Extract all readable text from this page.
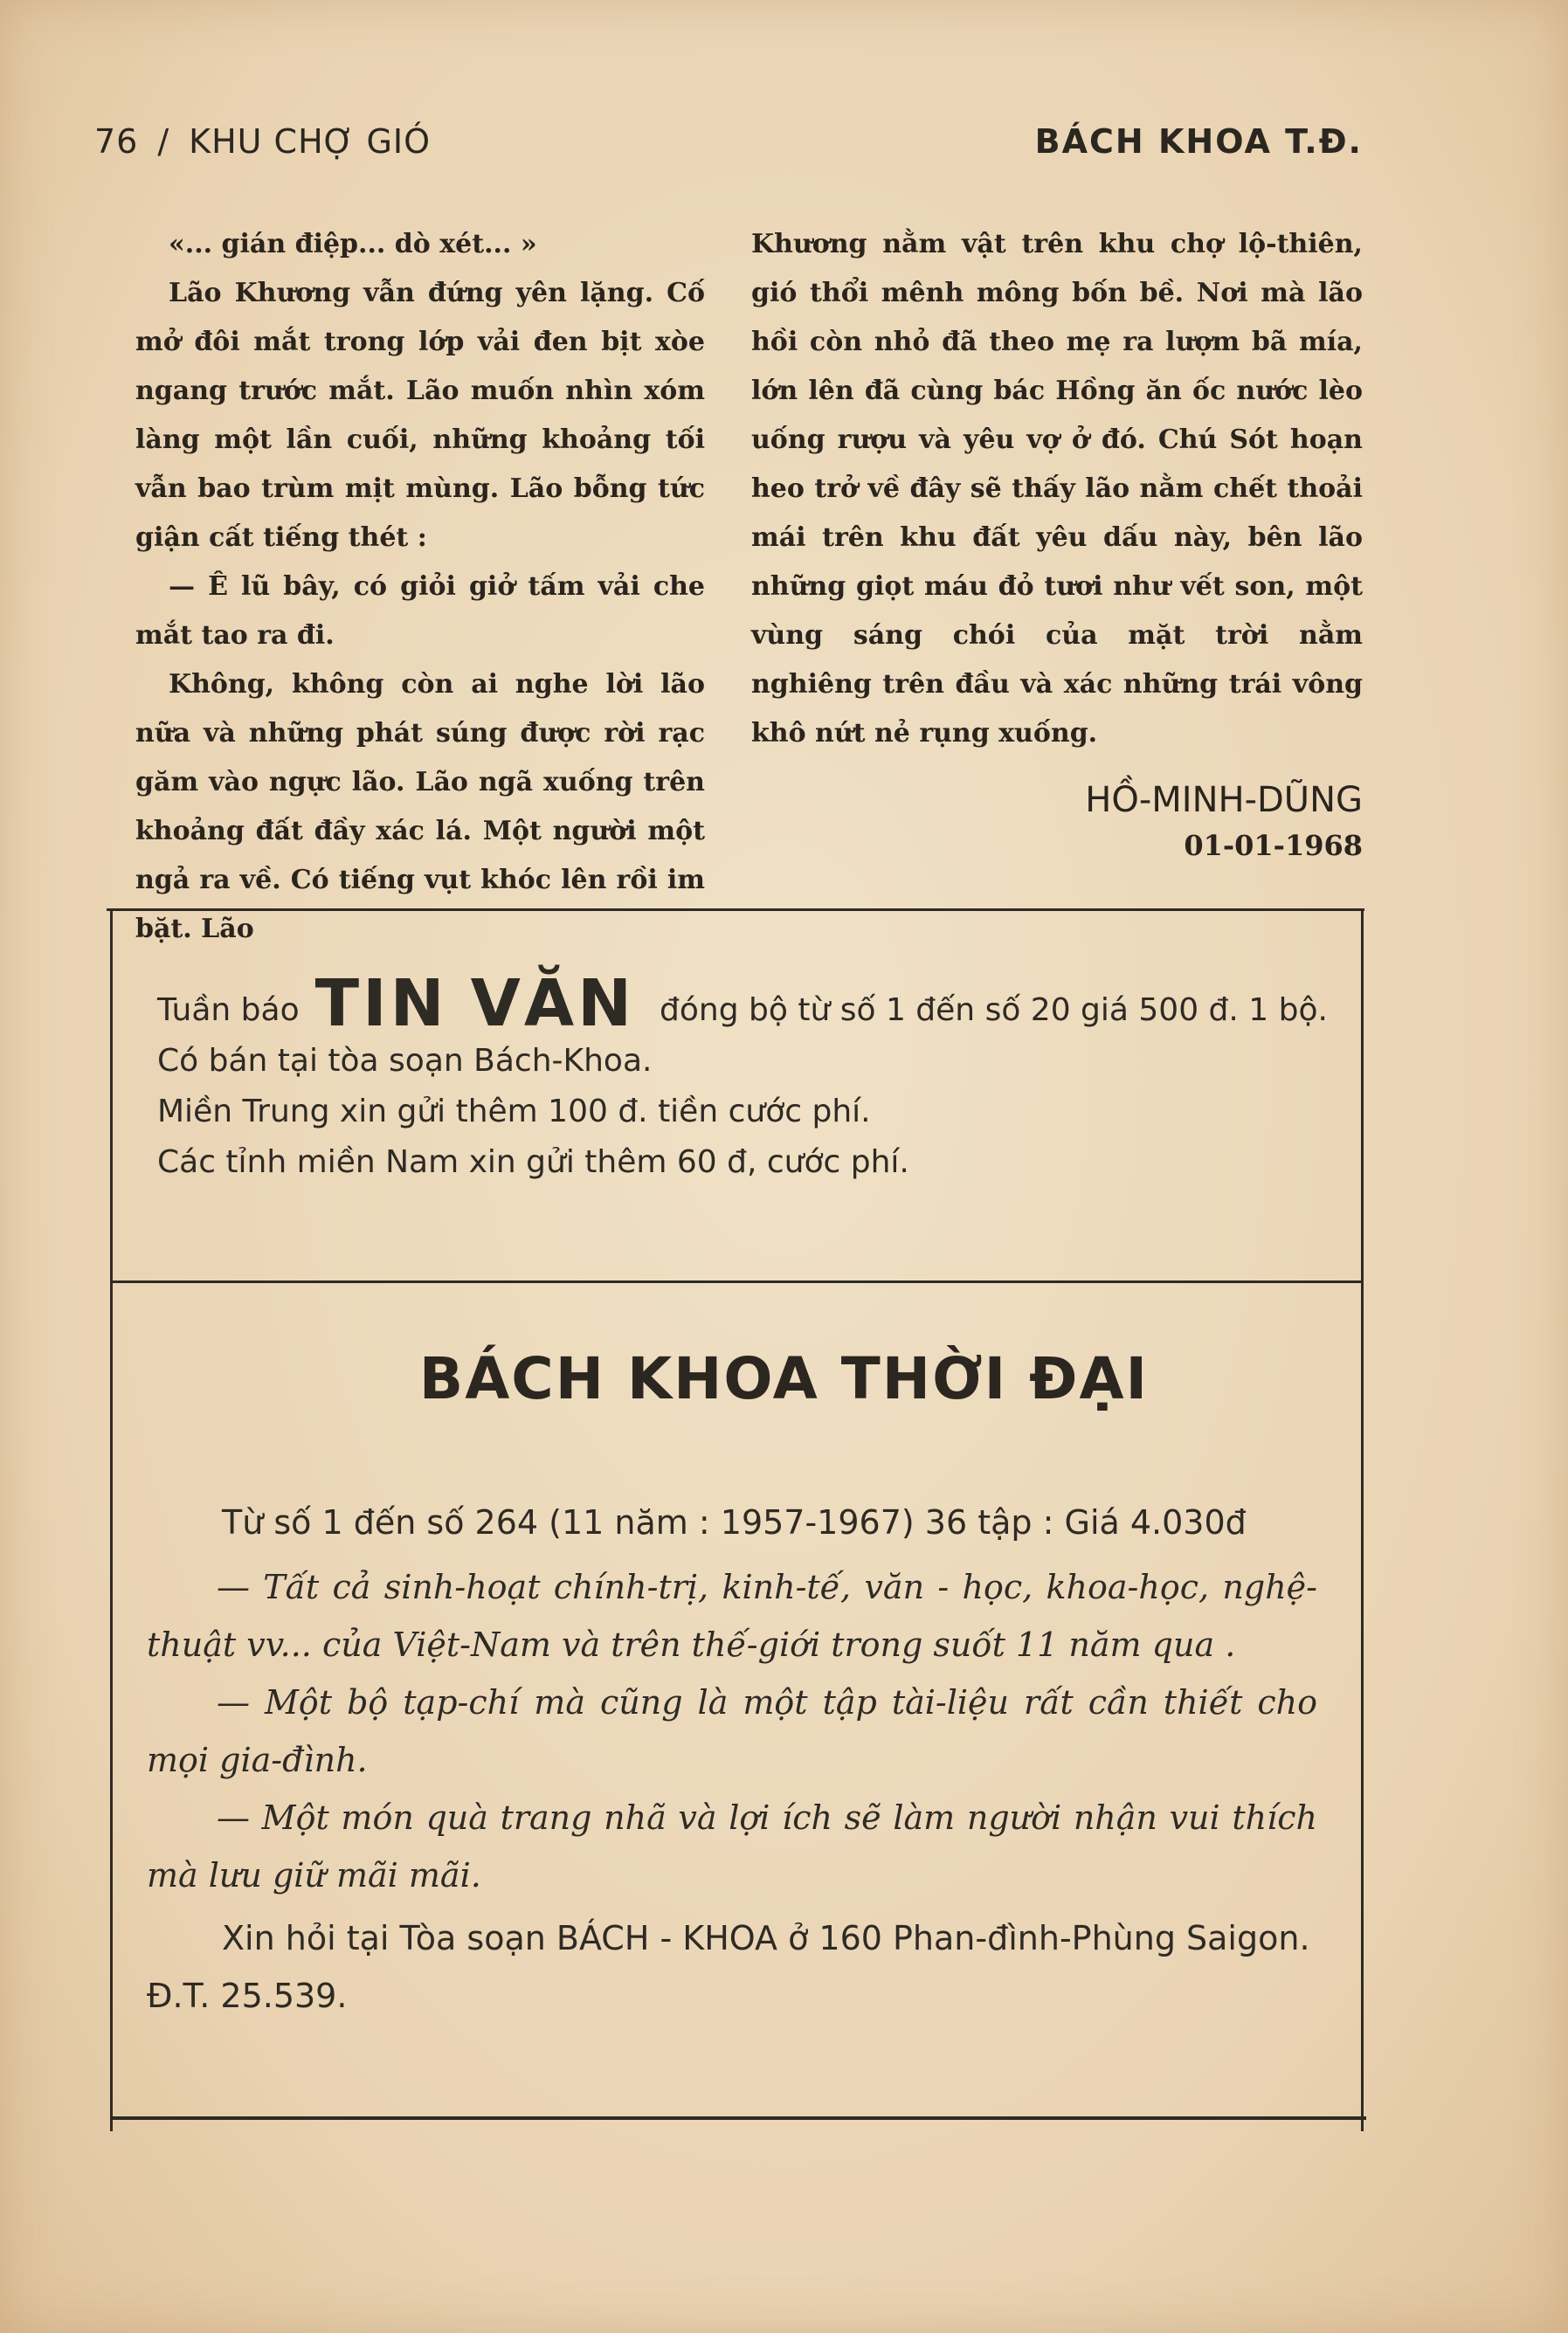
76 / KHU CHỢ GIÓ	BÁCH KHOA T.Đ.

«... gián điệp... dò xét... »

Lão Khương vẫn đứng yên lặng. Cố mở đôi mắt trong lớp vải đen bịt xòe ngang trước mắt. Lão muốn nhìn xóm làng một lần cuối, những khoảng tối vẫn bao trùm mịt mùng. Lão bỗng tức giận cất tiếng thét :

— Ê lũ bây, có giỏi giở tấm vải che mắt tao ra đi.

Không, không còn ai nghe lời lão nữa và những phát súng được rời rạc găm vào ngực lão. Lão ngã xuống trên khoảng đất đầy xác lá. Một người một ngả ra về. Có tiếng vụt khóc lên rồi im bặt. Lão

Khương nằm vật trên khu chợ lộ-thiên, gió thổi mênh mông bốn bề. Nơi mà lão hồi còn nhỏ đã theo mẹ ra lượm bã mía, lớn lên đã cùng bác Hồng ăn ốc nước lèo uống rượu và yêu vợ ở đó. Chú Sót hoạn heo trở về đây sẽ thấy lão nằm chết thoải mái trên khu đất yêu dấu này, bên lão những giọt máu đỏ tươi như vết son, một vùng sáng chói của mặt trời nằm nghiêng trên đầu và xác những trái vông khô nứt nẻ rụng xuống.

HỒ-MINH-DŨNG
01-01-1968
Tuần báo TIN VĂN đóng bộ từ số 1 đến số 20 giá 500 đ. 1 bộ.
Có bán tại tòa soạn Bách-Khoa.
Miền Trung xin gửi thêm 100 đ. tiền cước phí.
Các tỉnh miền Nam xin gửi thêm 60 đ, cước phí.
BÁCH KHOA THỜI ĐẠI
Từ số 1 đến số 264 (11 năm : 1957-1967) 36 tập : Giá 4.030đ

— Tất cả sinh-hoạt chính-trị, kinh-tế, văn - học, khoa-học, nghệ-thuật vv... của Việt-Nam và trên thế-giới trong suốt 11 năm qua .

— Một bộ tạp-chí mà cũng là một tập tài-liệu rất cần thiết cho mọi gia-đình.

— Một món quà trang nhã và lợi ích sẽ làm người nhận vui thích mà lưu giữ mãi mãi.

Xin hỏi tại Tòa soạn BÁCH - KHOA ở 160 Phan-đình-Phùng Saigon. Đ.T. 25.539.
